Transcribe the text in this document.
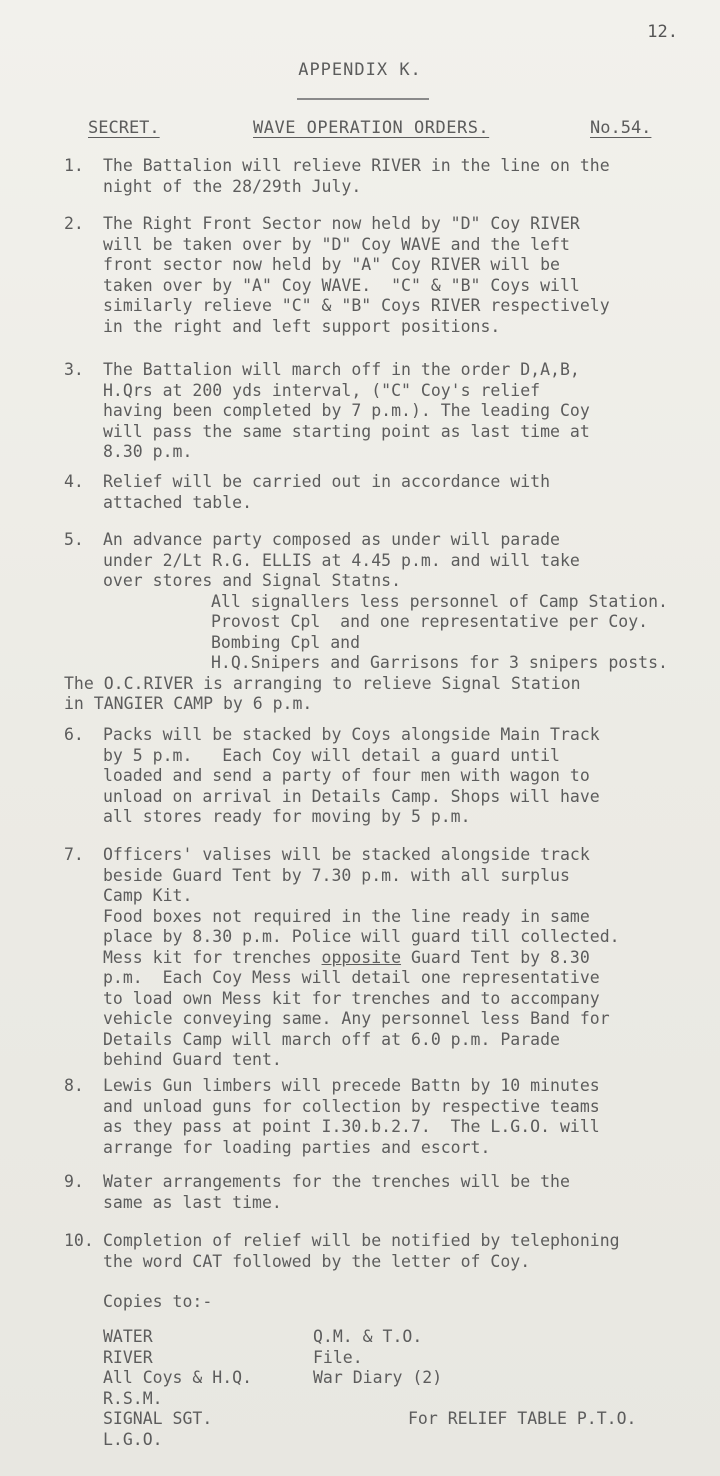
12.
APPENDIX K.
SECRET.	WAVE OPERATION ORDERS.	No.54.
1. The Battalion will relieve RIVER in the line on the
night of the 28/29th July.
2. The Right Front Sector now held by "D" Coy RIVER
will be taken over by "D" Coy WAVE and the left
front sector now held by "A" Coy RIVER will be
taken over by "A" Coy WAVE.  "C" & "B" Coys will
similarly relieve "C" & "B" Coys RIVER respectively
in the right and left support positions.
3. The Battalion will march off in the order D,A,B,
H.Qrs at 200 yds interval, ("C" Coy's relief
having been completed by 7 p.m.). The leading Coy
will pass the same starting point as last time at
8.30 p.m.
4. Relief will be carried out in accordance with
attached table.
5. An advance party composed as under will parade
under 2/Lt R.G. ELLIS at 4.45 p.m. and will take
over stores and Signal Statns.
All signallers less personnel of Camp Station.
Provost Cpl  and one representative per Coy.
Bombing Cpl and
H.Q.Snipers and Garrisons for 3 snipers posts.
The O.C.RIVER is arranging to relieve Signal Station
in TANGIER CAMP by 6 p.m.
6. Packs will be stacked by Coys alongside Main Track
by 5 p.m.   Each Coy will detail a guard until
loaded and send a party of four men with wagon to
unload on arrival in Details Camp. Shops will have
all stores ready for moving by 5 p.m.
7. Officers' valises will be stacked alongside track
beside Guard Tent by 7.30 p.m. with all surplus
Camp Kit.
Food boxes not required in the line ready in same
place by 8.30 p.m. Police will guard till collected.
Mess kit for trenches opposite Guard Tent by 8.30
p.m.  Each Coy Mess will detail one representative
to load own Mess kit for trenches and to accompany
vehicle conveying same. Any personnel less Band for
Details Camp will march off at 6.0 p.m. Parade
behind Guard tent.
8. Lewis Gun limbers will precede Battn by 10 minutes
and unload guns for collection by respective teams
as they pass at point I.30.b.2.7.  The L.G.O. will
arrange for loading parties and escort.
9. Water arrangements for the trenches will be the
same as last time.
10. Completion of relief will be notified by telephoning
the word CAT followed by the letter of Coy.
Copies to:-
WATER
RIVER
All Coys & H.Q.
R.S.M.
SIGNAL SGT.
L.G.O.
Q.M. & T.O.
File.
War Diary (2)
For RELIEF TABLE P.T.O.
